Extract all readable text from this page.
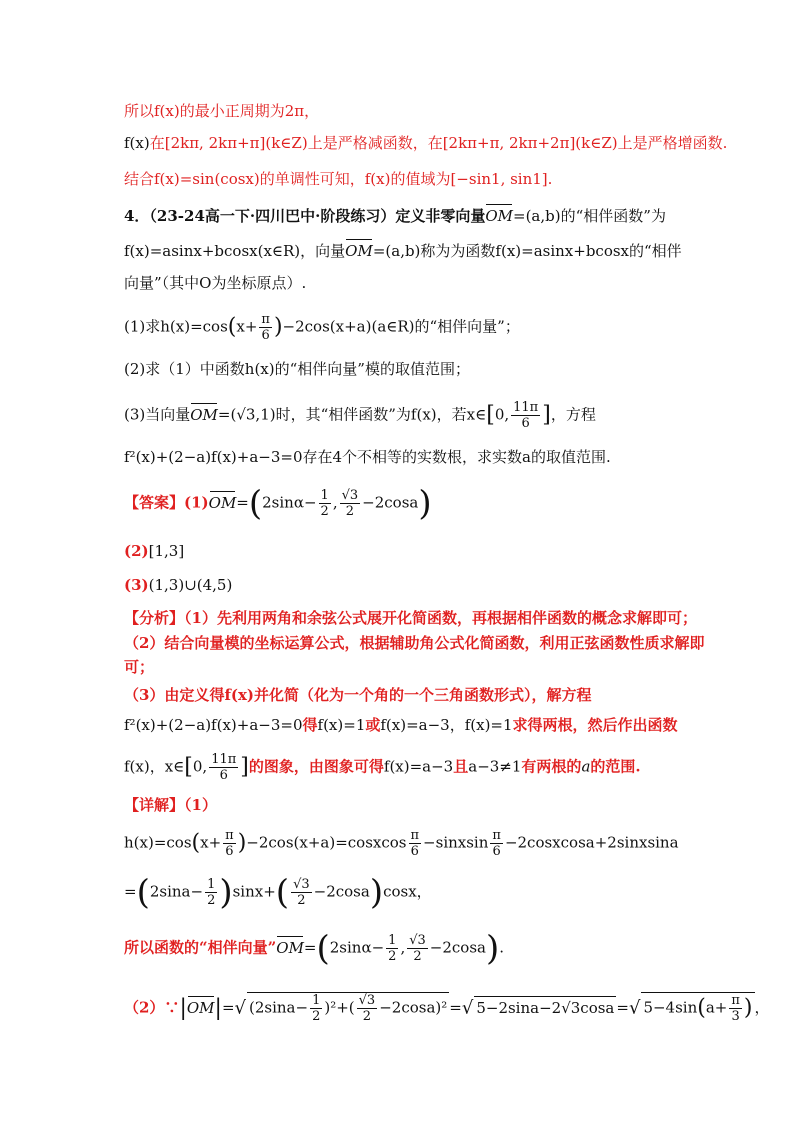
所以f(x)的最小正周期为2π，
f(x)在[2kπ, 2kπ+π](k∈Z)上是严格减函数，在[2kπ+π, 2kπ+2π](k∈Z)上是严格增函数.
结合f(x)=sin(cosx)的单调性可知，f(x)的值域为[−sin1, sin1].
4．（23-24高一下·四川巴中·阶段练习）定义非零向量OM=(a,b)的“相伴函数”为
f(x)=asinx+bcosx(x∈R)，向量OM=(a,b)称为为函数f(x)=asinx+bcosx的“相伴
向量”（其中O为坐标原点）.
(1)求$h(x)=\cos(x+ \frac{\pi}{6}$ )−2cos(x+a)(a∈R)的“相伴向量”；
(2)求（1）中函数h(x)的“相伴向量”模的取值范围；
(3)当向量OM=(√3,1)时，其“相伴函数”为f(x)，若x∈[0, $\frac{11\pi}{6}$ ]，方程
f²(x)+(2−a)f(x)+a−3=0存在4个不相等的实数根，求实数a的取值范围.
【答案】$(1)OM=(2\sin\alpha- \frac{1}{2}$ , $\frac{√3}{2} -2\cos a$)
(2)[1,3]
(3)(1,3)∪(4,5)
【分析】（1）先利用两角和余弦公式展开化简函数，再根据相伴函数的概念求解即可；
（2）结合向量模的坐标运算公式，根据辅助角公式化简函数，利用正弦函数性质求解即
可；
（3）由定义得f(x)并化简（化为一个角的一个三角函数形式），解方程
f²(x)+(2−a)f(x)+a−3=0得f(x)=1或f(x)=a−3，f(x)=1求得两根，然后作出函数
f(x)，x∈[0, $\frac{11\pi}{6}$ ]的图象，由图象可得f(x)=a−3且a−3≠1有两根的a的范围.
【详解】（1）
$h(x)=\cos(x+ \frac{\pi}{6}$ )−2cos(x+a)=cosxcos $\frac{\pi}{6}$ −sinxsin $\frac{\pi}{6}$ −2cosxcosa+2sinxsina
$=(2\sin a- \frac{1}{2} )\sin x+( \frac{√3}{2} -2\cos a)\cos x$，
所以函数的“相伴向量”OM=(2sinα− $\frac{1}{2}$ , $\frac{√3}{2} -2\cos a$).
（2）∵|OM|=√ $(2\sin a- \frac{1}{2} )^2+( \frac{√3}{2} -2\cos a)^2$ =√ 5−2sina−2√3cosa =√ $5-4\sin(a+ \frac{\pi}{3}$ ) ，
